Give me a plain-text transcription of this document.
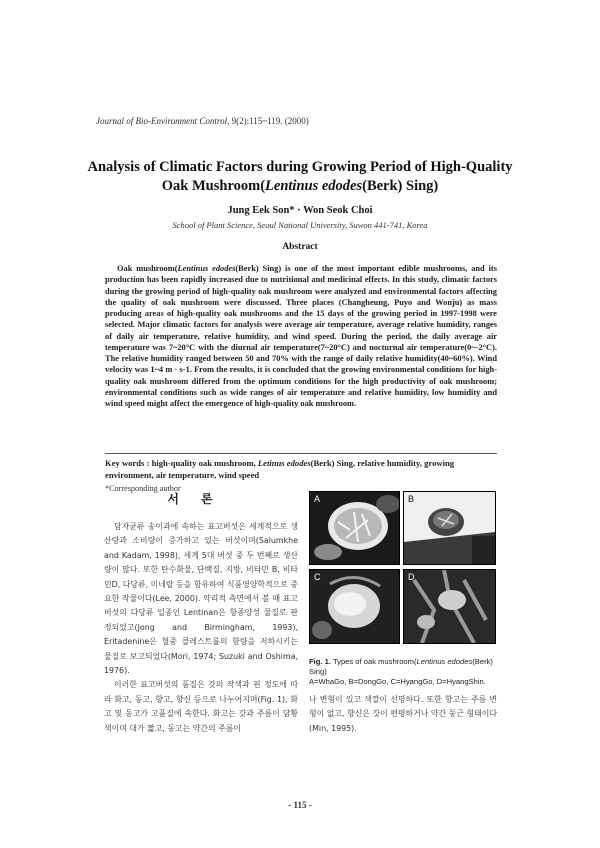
Journal of Bio-Environment Control, 9(2):115~119. (2000)
Analysis of Climatic Factors during Growing Period of High-Quality
Oak Mushroom(Lentinus edodes(Berk) Sing)
Jung Eek Son* · Won Seok Choi
School of Plant Science, Seoul National University, Suwon 441-741, Korea
Abstract
Oak mushroom(Lentinus edodes(Berk) Sing) is one of the most important edible mushrooms, and its production has been rapidly increased due to nutritional and medicinal effects. In this study, climatic factors during the growing period of high-quality oak mushroom were analyzed and environmental factors affecting the quality of oak mushroom were discussed. Three places (Changheung, Puyo and Wonju) as mass producing areas of high-quality oak mushrooms and the 15 days of the growing period in 1997-1998 were selected. Major climatic factors for analysis were average air temperature, average relative humidity, ranges of daily air temperature, relative humidity, and wind speed. During the period, the daily average air temperature was 7~20°C with the diurnal air temperature(7~20°C) and nocturnal air temperature(0~-2°C). The relative humidity ranged between 50 and 70% with the range of daily relative humidity(40~60%). Wind velocity was 1~4 m · s-1. From the results, it is concluded that the growing environmental conditions for high-quality oak mushroom differed from the optimum conditions for the high productivity of oak mushroom; environmental conditions such as wide ranges of air temperature and relative humidity, low humidity and wind speed might affect the emergence of high-quality oak mushroom.
Key words : high-quality oak mushroom, Letinus edodes(Berk) Sing, relative humidity, growing environment, air temperature, wind speed
*Corresponding author
서론

담자균류 송이과에 속하는 표고버섯은 세계적으로 생산량과 소비량이 증가하고 있는 버섯이며(Salumkhe and Kadam, 1998), 세계 5대 버섯 중 두 번째로 생산량이 많다. 또한 탄수화물, 단백질, 지방, 비타민 B, 비타민D, 다당류, 미네랄 등을 함유하여 식품영양학적으로 중요한 작물이다(Lee, 2000). 약리적 측면에서 볼 때 표고버섯의 다당류 일종인 Lentinan은 항종양성 물질로 판정되었고(Jong and Birmingham, 1993), Eritadenine은 혈중 콜레스트롤의 함량을 저하시키는 물질로 보고되었다(Mori, 1974; Suzuki and Oshima, 1976).

이러한 표고버섯의 품질은 갓의 작색과 핀 정도에 따라 화고, 동고, 향고, 향신 등으로 나누어지며(Fig. 1), 화고 및 동고가 고품질에 속한다. 화고는 갓과 주름이 담황색이며 대가 짧고, 동고는 약간의 주름이

A	B
C	D
Fig. 1. Types of oak mushroom(Lentinus edodes(Berk) Sing)
A=WhaGo, B=DongGo, C=HyangGo, D=HyangShin.
나 변형이 있고 색깔이 선명하다. 또한 향고는 주름 변형이 없고, 향신은 갓이 편평하거나 약간 둥근 형태이다(Min, 1995).
- 115 -
